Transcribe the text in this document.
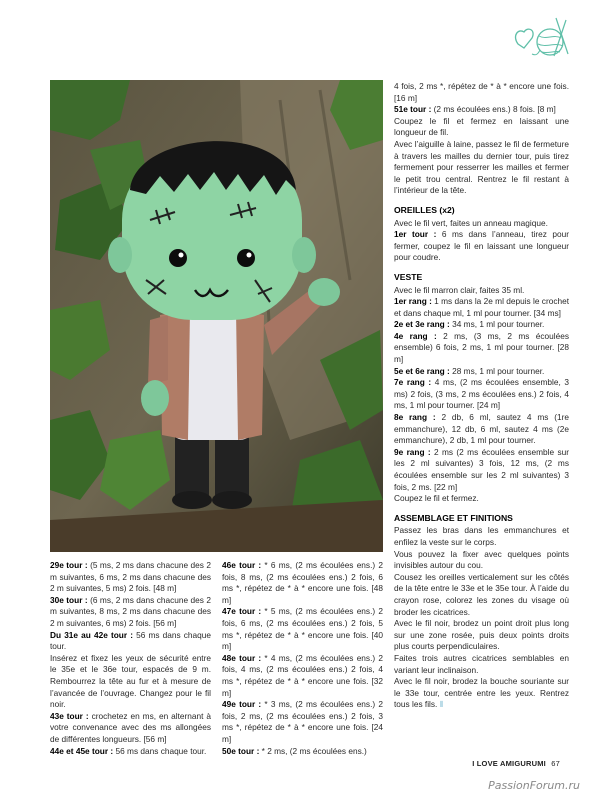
4 fois, 2 ms *, répétez de * à * encore une fois. [16 m]

51e tour : (2 ms écoulées ens.) 8 fois. [8 m]

Coupez le fil et fermez en laissant une longueur de fil.

Avec l’aiguille à laine, passez le fil de fermeture à travers les mailles du dernier tour, puis tirez fermement pour resserrer les mailles et fermer le petit trou central. Rentrez le fil restant à l’intérieur de la tête.

OREILLES (x2)

Avec le fil vert, faites un anneau magique.

1er tour : 6 ms dans l’anneau, tirez pour fermer, coupez le fil en laissant une longueur pour coudre.

VESTE

Avec le fil marron clair, faites 35 ml.

1er rang : 1 ms dans la 2e ml depuis le crochet et dans chaque ml, 1 ml pour tourner. [34 ms]

2e et 3e rang : 34 ms, 1 ml pour tourner.

4e rang : 2 ms, (3 ms, 2 ms écoulées ensemble) 6 fois, 2 ms, 1 ml pour tourner. [28 m]

5e et 6e rang : 28 ms, 1 ml pour tourner.

7e rang : 4 ms, (2 ms écoulées ensemble, 3 ms) 2 fois, (3 ms, 2 ms écoulées ens.) 2 fois, 4 ms, 1 ml pour tourner. [24 m]

8e rang : 2 db, 6 ml, sautez 4 ms (1re emmanchure), 12 db, 6 ml, sautez 4 ms (2e emmanchure), 2 db, 1 ml pour tourner.

9e rang : 2 ms (2 ms écoulées ensemble sur les 2 ml suivantes) 3 fois, 12 ms, (2 ms écoulées ensemble sur les 2 ml suivantes) 3 fois, 2 ms. [22 m]

Coupez le fil et fermez.

ASSEMBLAGE ET FINITIONS

Passez les bras dans les emmanchures et enfilez la veste sur le corps.

Vous pouvez la fixer avec quelques points invisibles autour du cou.

Cousez les oreilles verticalement sur les côtés de la tête entre le 33e et le 35e tour. À l’aide du crayon rose, colorez les zones du visage où broder les cicatrices.

Avec le fil noir, brodez un point droit plus long sur une zone rosée, puis deux points droits plus courts perpendiculaires.

Faites trois autres cicatrices semblables en variant leur inclinaison.

Avec le fil noir, brodez la bouche souriante sur le 33e tour, centrée entre les yeux. Rentrez tous les fils. ⦀

29e tour : (5 ms, 2 ms dans chacune des 2 m suivantes, 6 ms, 2 ms dans chacune des 2 m suivantes, 5 ms) 2 fois. [48 m]

30e tour : (6 ms, 2 ms dans chacune des 2 m suivantes, 8 ms, 2 ms dans chacune des 2 m suivantes, 6 ms) 2 fois. [56 m]

Du 31e au 42e tour : 56 ms dans chaque tour.

Insérez et fixez les yeux de sécurité entre le 35e et le 36e tour, espacés de 9 m. Rembourrez la tête au fur et à mesure de l’avancée de l’ouvrage. Changez pour le fil noir.

43e tour : crochetez en ms, en alternant à votre convenance avec des ms allongées de différentes longueurs. [56 m]

44e et 45e tour : 56 ms dans chaque tour.

46e tour : * 6 ms, (2 ms écoulées ens.) 2 fois, 8 ms, (2 ms écoulées ens.) 2 fois, 6 ms *, répétez de * à * encore une fois. [48 m]

47e tour : * 5 ms, (2 ms écoulées ens.) 2 fois, 6 ms, (2 ms écoulées ens.) 2 fois, 5 ms *, répétez de * à * encore une fois. [40 m]

48e tour : * 4 ms, (2 ms écoulées ens.) 2 fois, 4 ms, (2 ms écoulées ens.) 2 fois, 4 ms *, répétez de * à * encore une fois. [32 m]

49e tour : * 3 ms, (2 ms écoulées ens.) 2 fois, 2 ms, (2 ms écoulées ens.) 2 fois, 3 ms *, répétez de * à * encore une fois. [24 m]

50e tour : * 2 ms, (2 ms écoulées ens.)

I LOVE AMIGURUMI 67
PassionForum.ru
